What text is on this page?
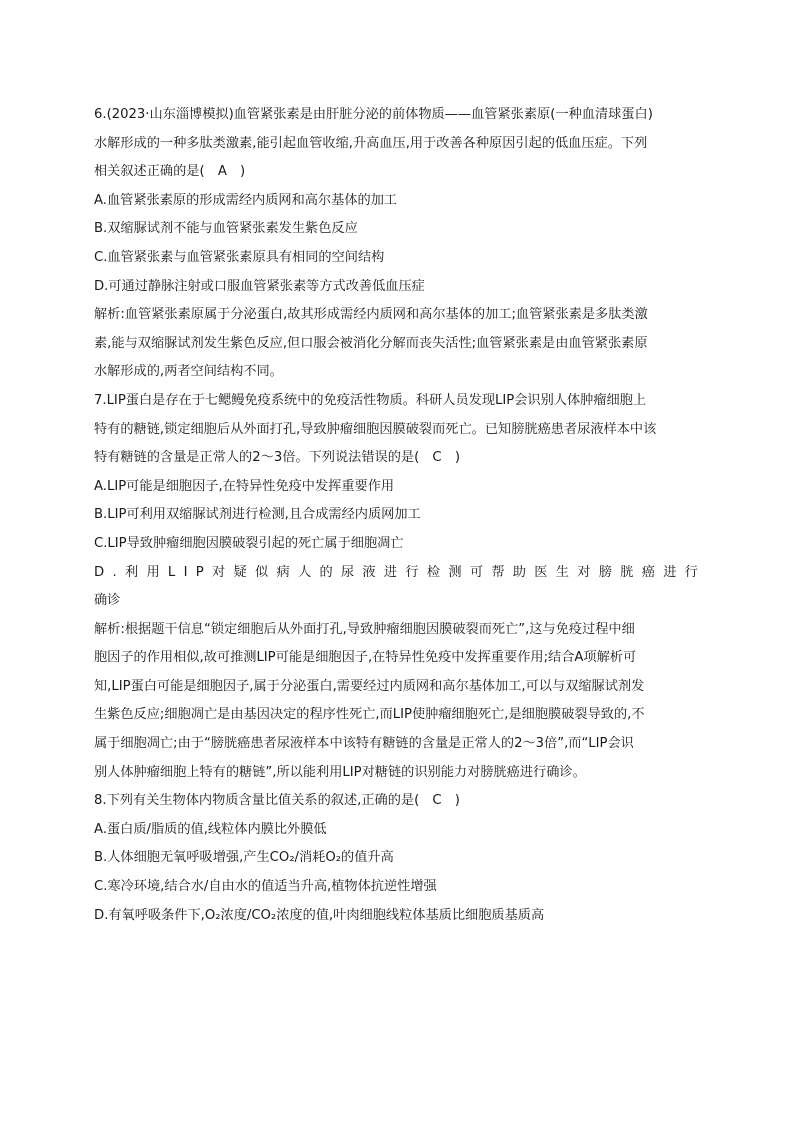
6.(2023·山东淄博模拟)血管紧张素是由肝脏分泌的前体物质——血管紧张素原(一种血清球蛋白)
水解形成的一种多肽类激素,能引起血管收缩,升高血压,用于改善各种原因引起的低血压症。下列
相关叙述正确的是(　A　)
A.血管紧张素原的形成需经内质网和高尔基体的加工
B.双缩脲试剂不能与血管紧张素发生紫色反应
C.血管紧张素与血管紧张素原具有相同的空间结构
D.可通过静脉注射或口服血管紧张素等方式改善低血压症
解析:血管紧张素原属于分泌蛋白,故其形成需经内质网和高尔基体的加工;血管紧张素是多肽类激
素,能与双缩脲试剂发生紫色反应,但口服会被消化分解而丧失活性;血管紧张素是由血管紧张素原
水解形成的,两者空间结构不同。
7.LIP蛋白是存在于七鳃鳗免疫系统中的免疫活性物质。科研人员发现LIP会识别人体肿瘤细胞上
特有的糖链,锁定细胞后从外面打孔,导致肿瘤细胞因膜破裂而死亡。已知膀胱癌患者尿液样本中该
特有糖链的含量是正常人的2～3倍。下列说法错误的是(　C　)
A.LIP可能是细胞因子,在特异性免疫中发挥重要作用
B.LIP可利用双缩脲试剂进行检测,且合成需经内质网加工
C.LIP导致肿瘤细胞因膜破裂引起的死亡属于细胞凋亡
D . 利 用 L I P 对 疑 似 病 人 的 尿 液 进 行 检 测 可 帮 助 医 生 对 膀 胱 癌 进 行
确诊
解析:根据题干信息“锁定细胞后从外面打孔,导致肿瘤细胞因膜破裂而死亡”,这与免疫过程中细
胞因子的作用相似,故可推测LIP可能是细胞因子,在特异性免疫中发挥重要作用;结合A项解析可
知,LIP蛋白可能是细胞因子,属于分泌蛋白,需要经过内质网和高尔基体加工,可以与双缩脲试剂发
生紫色反应;细胞凋亡是由基因决定的程序性死亡,而LIP使肿瘤细胞死亡,是细胞膜破裂导致的,不
属于细胞凋亡;由于“膀胱癌患者尿液样本中该特有糖链的含量是正常人的2～3倍”,而“LIP会识
别人体肿瘤细胞上特有的糖链”,所以能利用LIP对糖链的识别能力对膀胱癌进行确诊。
8.下列有关生物体内物质含量比值关系的叙述,正确的是(　C　)
A.蛋白质/脂质的值,线粒体内膜比外膜低
B.人体细胞无氧呼吸增强,产生CO₂/消耗O₂的值升高
C.寒冷环境,结合水/自由水的值适当升高,植物体抗逆性增强
D.有氧呼吸条件下,O₂浓度/CO₂浓度的值,叶肉细胞线粒体基质比细胞质基质高
